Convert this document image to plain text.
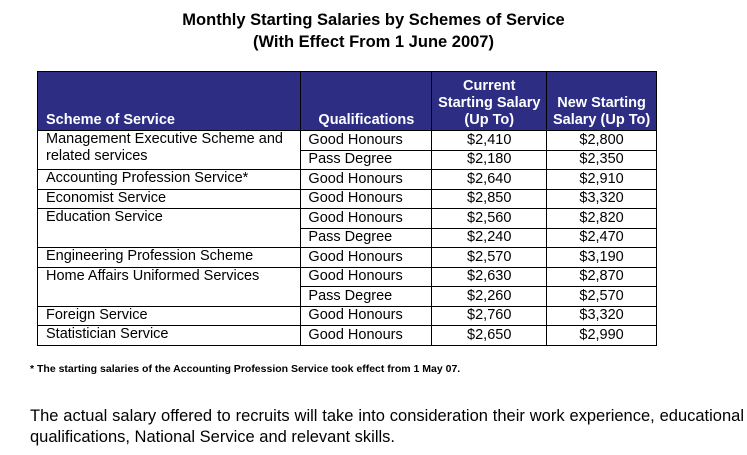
Monthly Starting Salaries by Schemes of Service
(With Effect From 1 June 2007)
Scheme of Service	Qualifications	Current Starting Salary (Up To)	New Starting Salary (Up To)
Management Executive Scheme and related services	Good Honours	$2,410	$2,800
	Pass Degree	$2,180	$2,350
Accounting Profession Service*	Good Honours	$2,640	$2,910
Economist Service	Good Honours	$2,850	$3,320
Education Service	Good Honours	$2,560	$2,820
	Pass Degree	$2,240	$2,470
Engineering Profession Scheme	Good Honours	$2,570	$3,190
Home Affairs Uniformed Services	Good Honours	$2,630	$2,870
	Pass Degree	$2,260	$2,570
Foreign Service	Good Honours	$2,760	$3,320
Statistician Service	Good Honours	$2,650	$2,990
* The starting salaries of the Accounting Profession Service took effect from 1 May 07.
The actual salary offered to recruits will take into consideration their work experience, educational qualifications, National Service and relevant skills.
